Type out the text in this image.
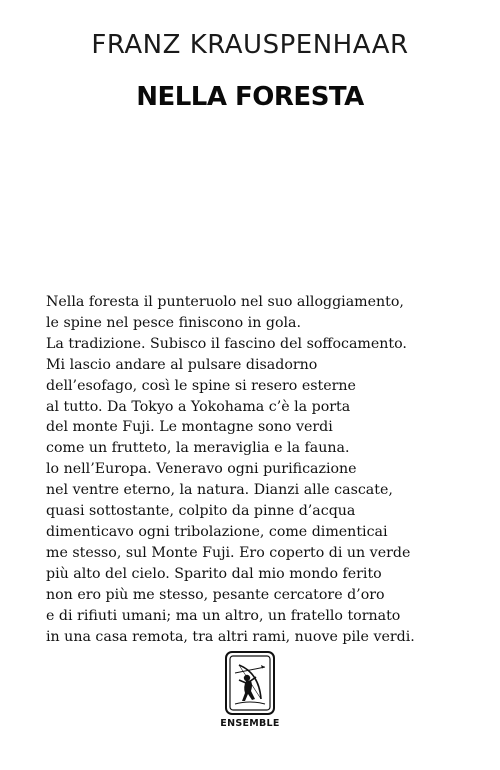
FRANZ KRAUSPENHAAR
NELLA FORESTA
Nella foresta il punteruolo nel suo alloggiamento,
le spine nel pesce finiscono in gola.
La tradizione. Subisco il fascino del soffocamento.
Mi lascio andare al pulsare disadorno
dell’esofago, così le spine si resero esterne
al tutto. Da Tokyo a Yokohama c’è la porta
del monte Fuji. Le montagne sono verdi
come un frutteto, la meraviglia e la fauna.
lo nell’Europa. Veneravo ogni purificazione
nel ventre eterno, la natura. Dianzi alle cascate,
quasi sottostante, colpito da pinne d’acqua
dimenticavo ogni tribolazione, come dimenticai
me stesso, sul Monte Fuji. Ero coperto di un verde
più alto del cielo. Sparito dal mio mondo ferito
non ero più me stesso, pesante cercatore d’oro
e di rifiuti umani; ma un altro, un fratello tornato
in una casa remota, tra altri rami, nuove pile verdi.
ENSEMBLE
